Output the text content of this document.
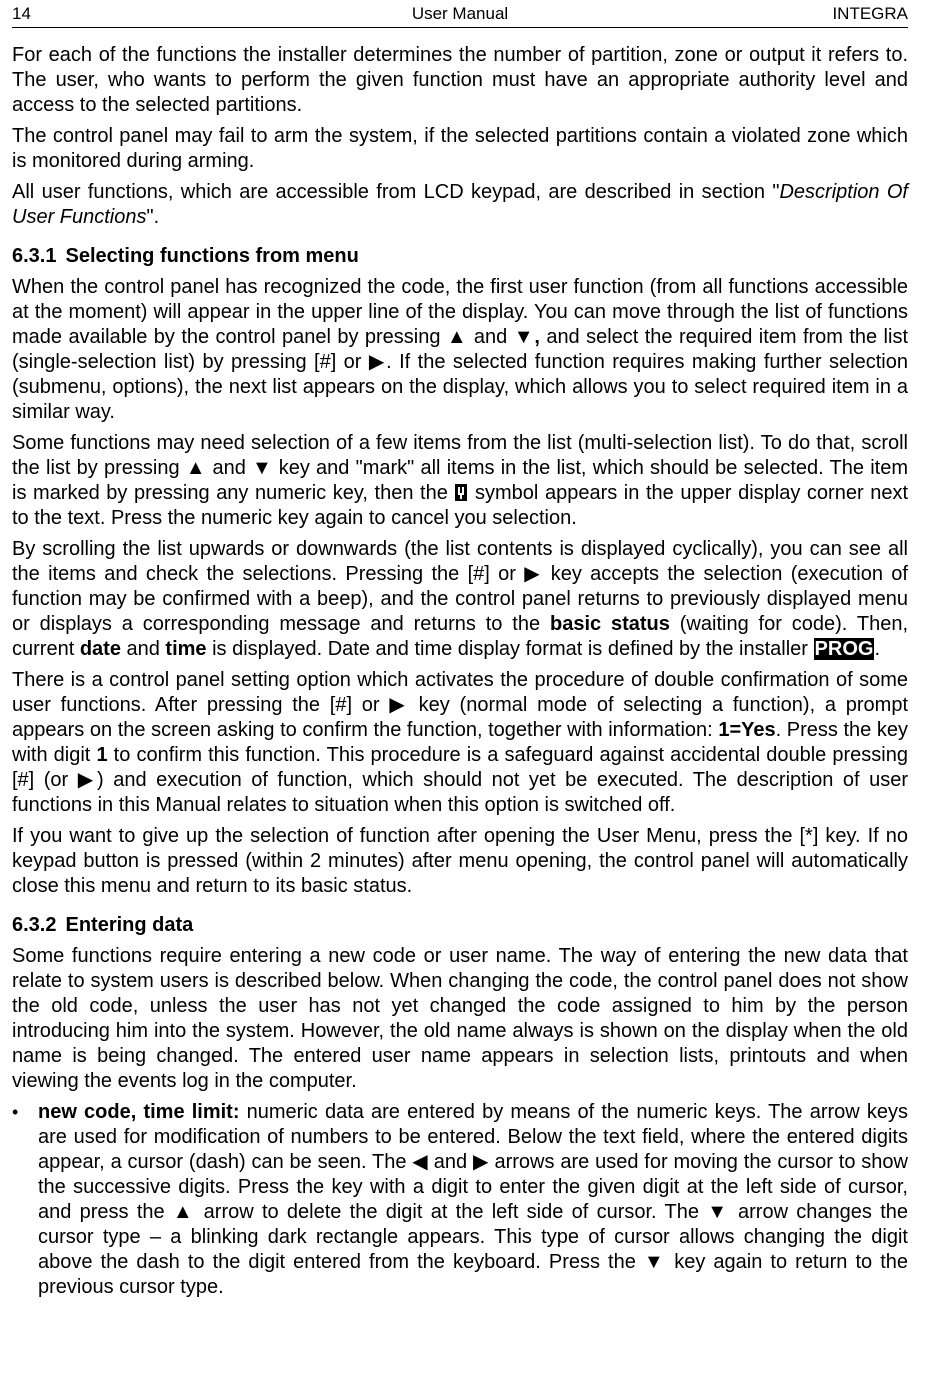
14	User Manual	INTEGRA

For each of the functions the installer determines the number of partition, zone or output it refers to. The user, who wants to perform the given function must have an appropriate authority level and access to the selected partitions.

The control panel may fail to arm the system, if the selected partitions contain a violated zone which is monitored during arming.

All user functions, which are accessible from LCD keypad, are described in section "Description Of User Functions".

6.3.1 Selecting functions from menu

When the control panel has recognized the code, the first user function (from all functions accessible at the moment) will appear in the upper line of the display. You can move through the list of functions made available by the control panel by pressing ▲ and ▼, and select the required item from the list (single-selection list) by pressing [#] or ▶. If the selected function requires making further selection (submenu, options), the next list appears on the display, which allows you to select required item in a similar way.

Some functions may need selection of a few items from the list (multi-selection list). To do that, scroll the list by pressing ▲ and ▼ key and "mark" all items in the list, which should be selected. The item is marked by pressing any numeric key, then the symbol appears in the upper display corner next to the text. Press the numeric key again to cancel you selection.

By scrolling the list upwards or downwards (the list contents is displayed cyclically), you can see all the items and check the selections. Pressing the [#] or ▶ key accepts the selection (execution of function may be confirmed with a beep), and the control panel returns to previously displayed menu or displays a corresponding message and returns to the basic status (waiting for code). Then, current date and time is displayed. Date and time display format is defined by the installer PROG.

There is a control panel setting option which activates the procedure of double confirmation of some user functions. After pressing the [#] or ▶ key (normal mode of selecting a function), a prompt appears on the screen asking to confirm the function, together with information: 1=Yes. Press the key with digit 1 to confirm this function. This procedure is a safeguard against accidental double pressing [#] (or ▶) and execution of function, which should not yet be executed. The description of user functions in this Manual relates to situation when this option is switched off.

If you want to give up the selection of function after opening the User Menu, press the [*] key. If no keypad button is pressed (within 2 minutes) after menu opening, the control panel will automatically close this menu and return to its basic status.

6.3.2 Entering data

Some functions require entering a new code or user name. The way of entering the new data that relate to system users is described below. When changing the code, the control panel does not show the old code, unless the user has not yet changed the code assigned to him by the person introducing him into the system. However, the old name always is shown on the display when the old name is being changed. The entered user name appears in selection lists, printouts and when viewing the events log in the computer.

• new code, time limit: numeric data are entered by means of the numeric keys. The arrow keys are used for modification of numbers to be entered. Below the text field, where the entered digits appear, a cursor (dash) can be seen. The ◀ and ▶ arrows are used for moving the cursor to show the successive digits. Press the key with a digit to enter the given digit at the left side of cursor, and press the ▲ arrow to delete the digit at the left side of cursor. The ▼ arrow changes the cursor type – a blinking dark rectangle appears. This type of cursor allows changing the digit above the dash to the digit entered from the keyboard. Press the ▼ key again to return to the previous cursor type.
